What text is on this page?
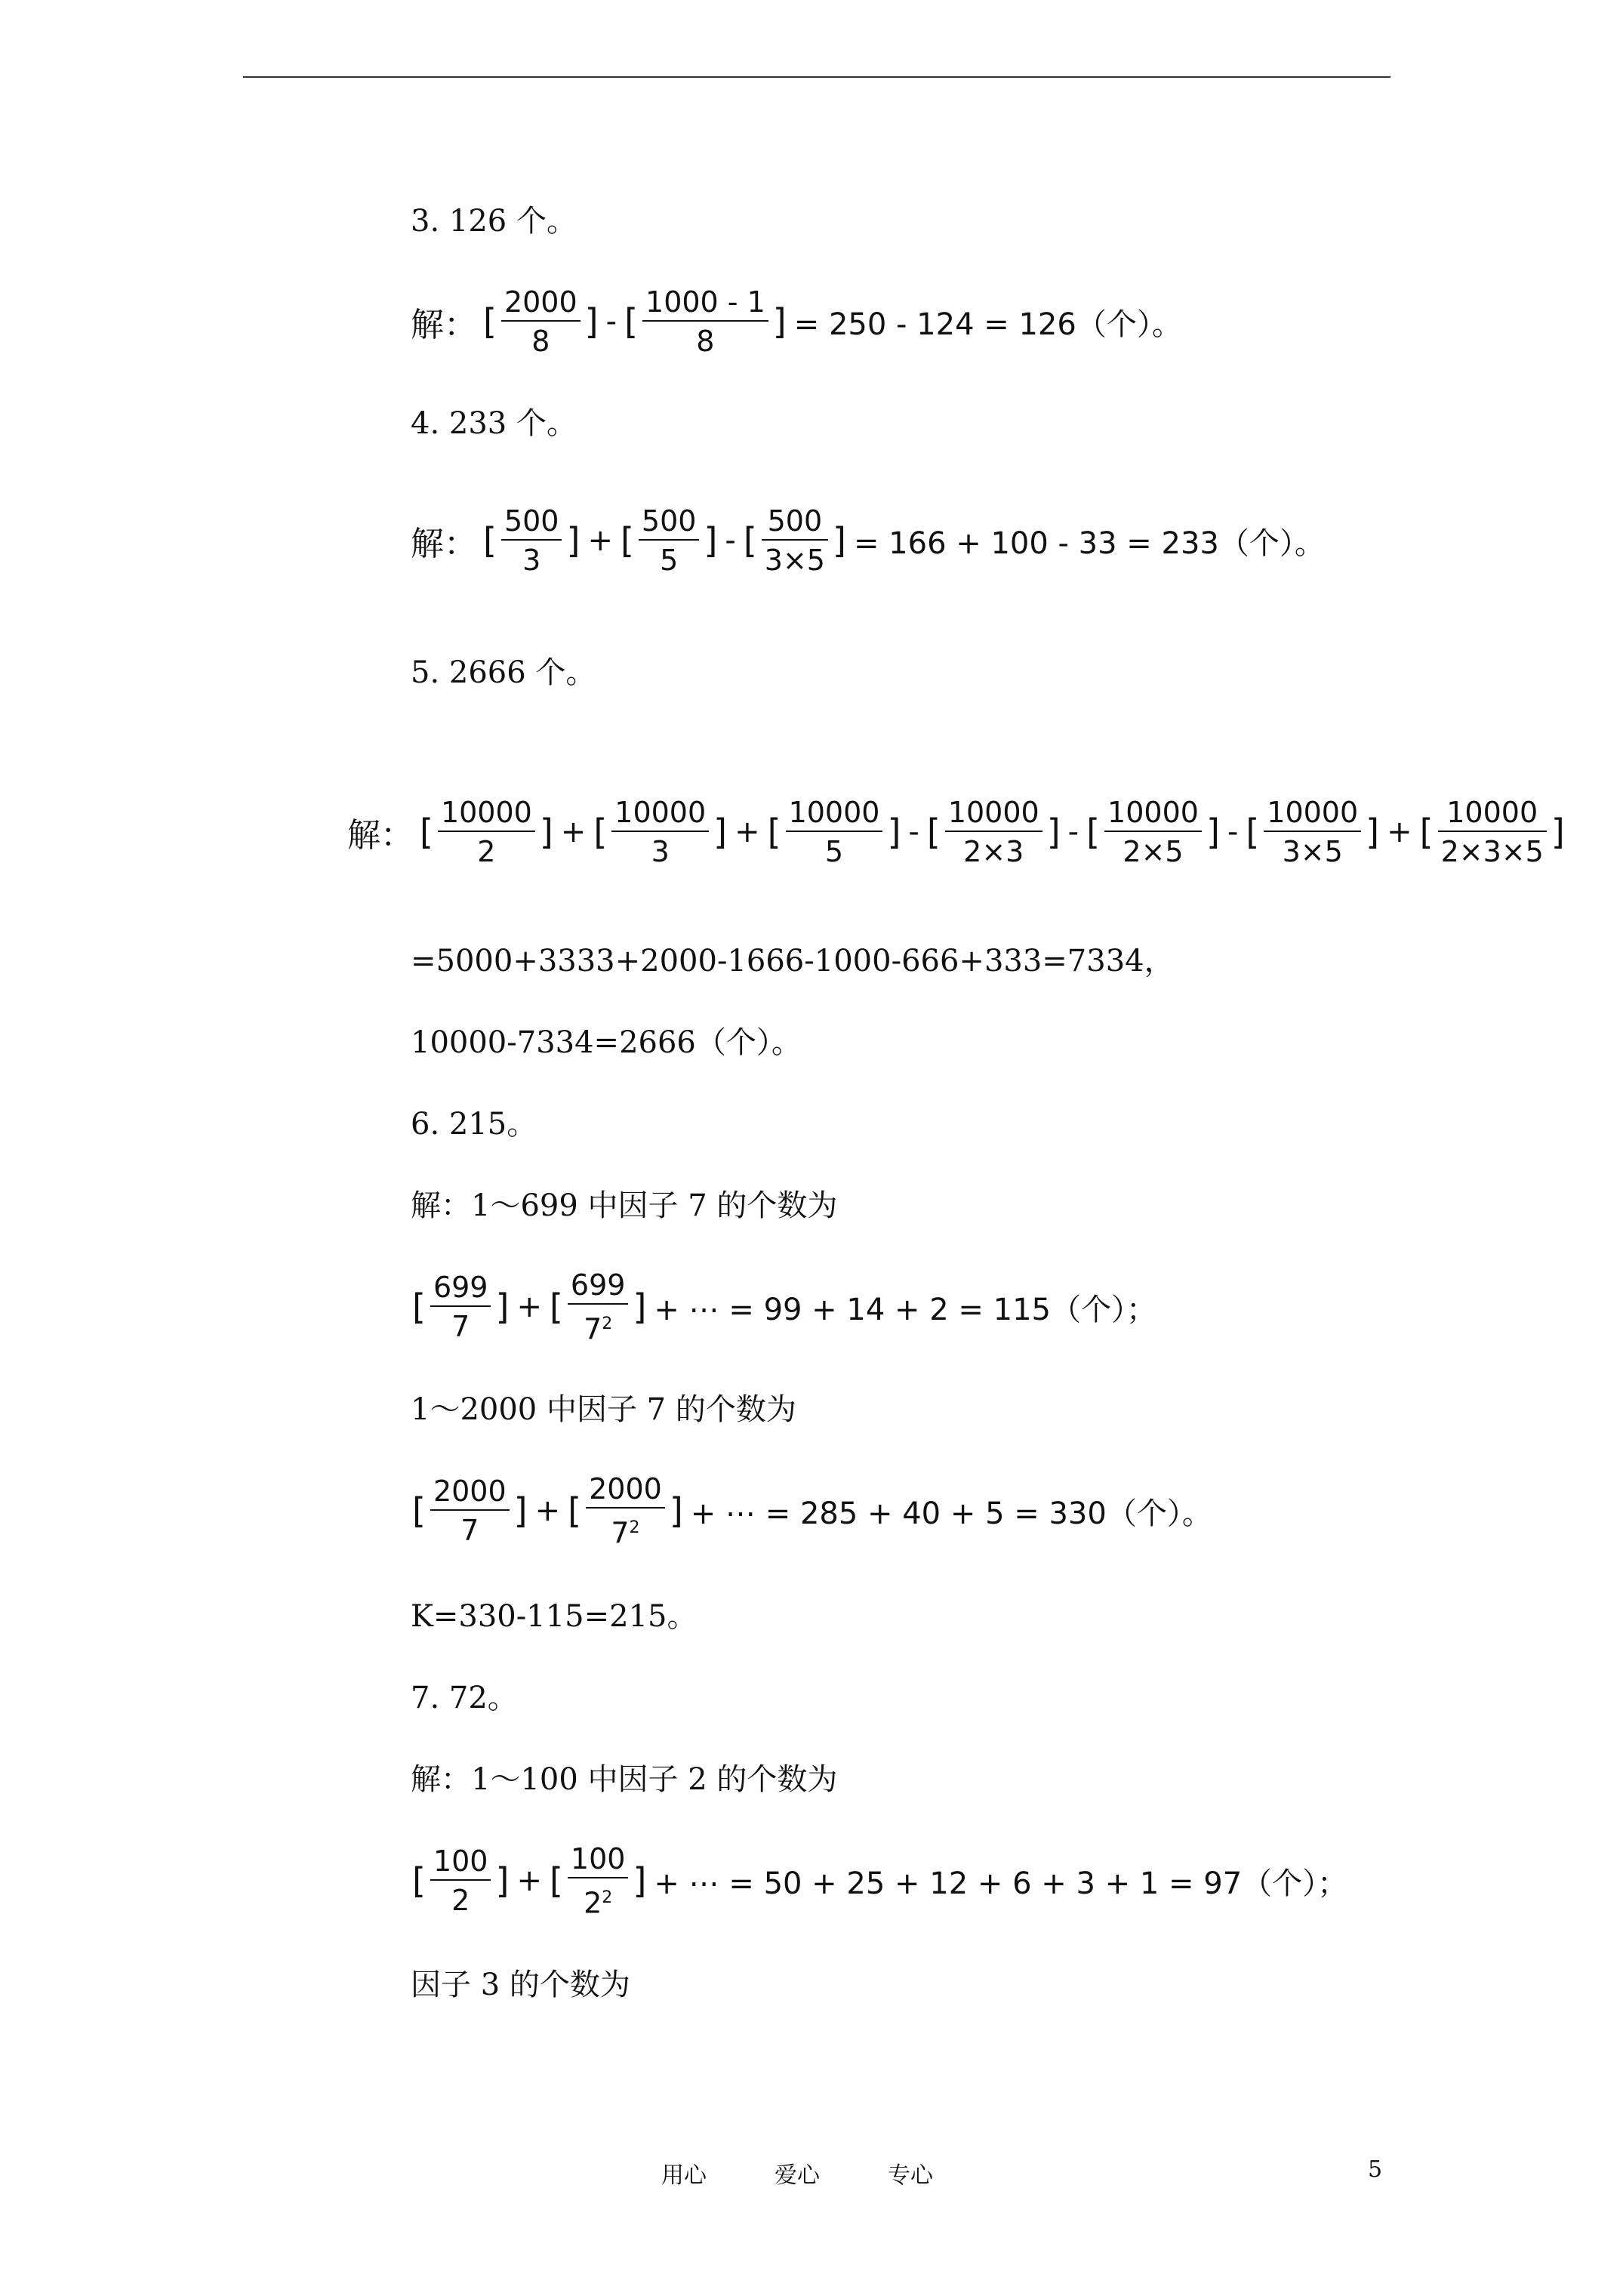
3. 126 个。
解： [ $\frac{2000}{8}$ ] - [ $\frac{1000 - 1}{8}$ ] = 250 - 124 = 126（个）。
4. 233 个。
解： [ $\frac{500}{3}$ ] + [ $\frac{500}{5}$ ] - [ $\frac{500}{3\times 5}$ ] = 166 + 100 - 33 = 233（个）。
5. 2666 个。
解： [ $\frac{10000}{2}$ ] + [ $\frac{10000}{3}$ ] + [ $\frac{10000}{5}$ ] - [ $\frac{10000}{2\times 3}$ ] - [ $\frac{10000}{2\times 5}$ ] - [ $\frac{10000}{3\times 5}$ ] + [ $\frac{10000}{2\times 3\times 5}$ ]
=5000+3333+2000-1666-1000-666+333=7334，
10000-7334=2666（个）。
6. 215。
解：1～699 中因子 7 的个数为
[ $\frac{699}{7}$ ] + [ $\frac{699}{7^2}$ ] + ⋯ = 99 + 14 + 2 = 115（个）；
1～2000 中因子 7 的个数为
[ $\frac{2000}{7}$ ] + [ $\frac{2000}{7^2}$ ] + ⋯ = 285 + 40 + 5 = 330（个）。
K=330-115=215。
7. 72。
解：1～100 中因子 2 的个数为
[ $\frac{100}{2}$ ] + [ $\frac{100}{2^2}$ ] + ⋯ = 50 + 25 + 12 + 6 + 3 + 1 = 97（个）；
因子 3 的个数为
用心	爱心	专心	5
